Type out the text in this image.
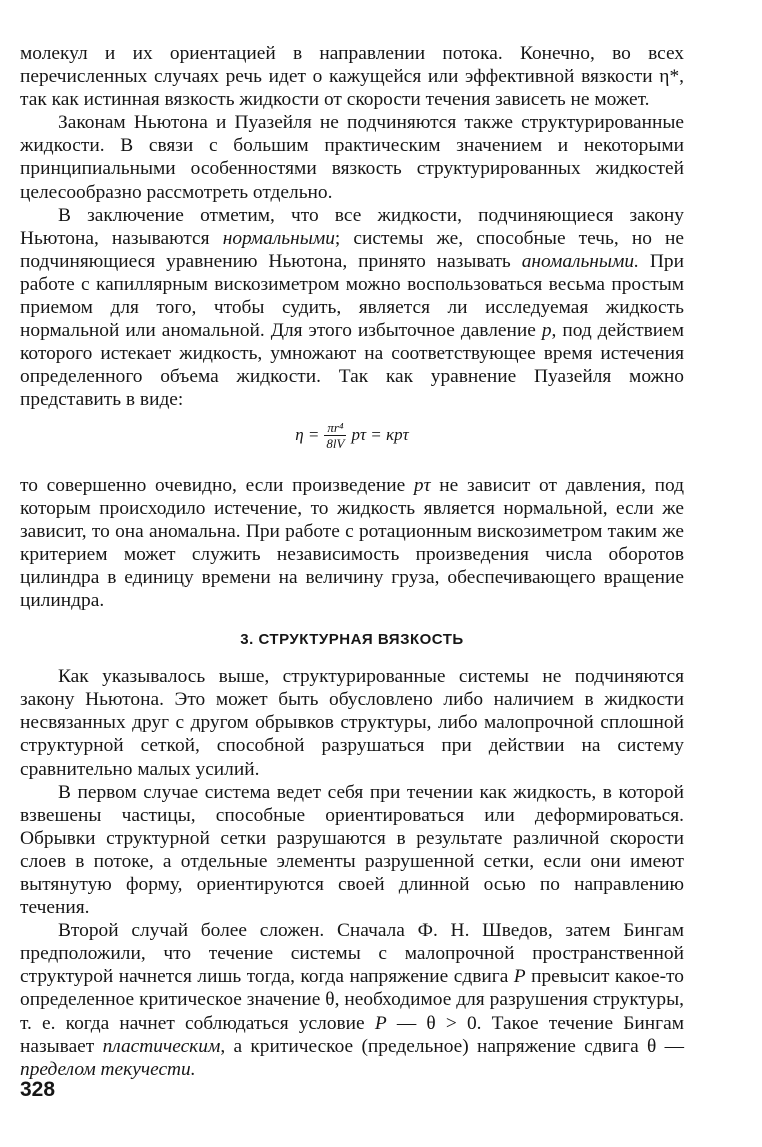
молекул и их ориентацией в направлении потока. Конечно, во всех перечисленных случаях речь идет о кажущейся или эффективной вязкости η*, так как истинная вязкость жидкости от скорости течения зависеть не может.

Законам Ньютона и Пуазейля не подчиняются также структурированные жидкости. В связи с большим практическим значением и некоторыми принципиальными особенностями вязкость структурированных жидкостей целесообразно рассмотреть отдельно.

В заключение отметим, что все жидкости, подчиняющиеся закону Ньютона, называются нормальными; системы же, способные течь, но не подчиняющиеся уравнению Ньютона, принято называть аномальными. При работе с капиллярным вискозиметром можно воспользоваться весьма простым приемом для того, чтобы судить, является ли исследуемая жидкость нормальной или аномальной. Для этого избыточное давление p, под действием которого истекает жидкость, умножают на соответствующее время истечения определенного объема жидкости. Так как уравнение Пуазейля можно представить в виде:

$\eta = \frac{\text{πr⁴}}{8lV}$ pτ = κpτ

то совершенно очевидно, если произведение pτ не зависит от давления, под которым происходило истечение, то жидкость является нормальной, если же зависит, то она аномальна. При работе с ротационным вискозиметром таким же критерием может служить независимость произведения числа оборотов цилиндра в единицу времени на величину груза, обеспечивающего вращение цилиндра.

3. СТРУКТУРНАЯ ВЯЗКОСТЬ

Как указывалось выше, структурированные системы не подчиняются закону Ньютона. Это может быть обусловлено либо наличием в жидкости несвязанных друг с другом обрывков структуры, либо малопрочной сплошной структурной сеткой, способной разрушаться при действии на систему сравнительно малых усилий.

В первом случае система ведет себя при течении как жидкость, в которой взвешены частицы, способные ориентироваться или деформироваться. Обрывки структурной сетки разрушаются в результате различной скорости слоев в потоке, а отдельные элементы разрушенной сетки, если они имеют вытянутую форму, ориентируются своей длинной осью по направлению течения.

Второй случай более сложен. Сначала Ф. Н. Шведов, затем Бингам предположили, что течение системы с малопрочной пространственной структурой начнется лишь тогда, когда напряжение сдвига P превысит какое-то определенное критическое значение θ, необходимое для разрушения структуры, т. е. когда начнет соблюдаться условие P — θ > 0. Такое течение Бингам называет пластическим, а критическое (предельное) напряжение сдвига θ — пределом текучести.

328
